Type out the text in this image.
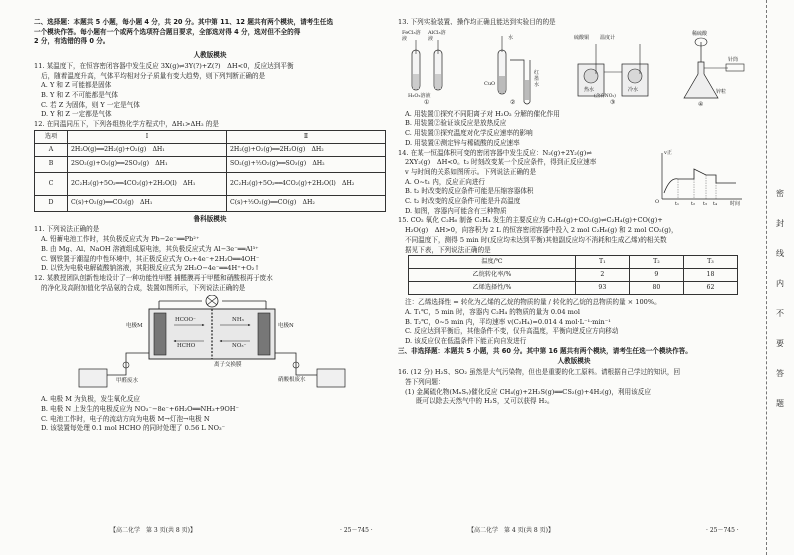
二、选择题：本题共 5 小题，每小题 4 分，共 20 分。其中第 11、12 题共有两个模块，请考生任选
一个模块作答。每小题有一个或两个选项符合题目要求，全部选对得 4 分，选对但不全的得
2 分，有选错的得 0 分。
人教版模块
11. 某温度下，在恒容密闭容器中发生反应 3X(g)⇌3Y(?)+Z(?)　ΔH<0，反应达到平衡
后，随着温度升高，气体平均相对分子质量有变大趋势，则下列判断正确的是
A. Y 和 Z 可能都是固体
B. Y 和 Z 不可能都是气体
C. 若 Z 为固体，则 Y 一定是气体
D. Y 和 Z 一定都是气体
12. 在同温同压下，下列各组热化学方程式中，ΔH₁>ΔH₂ 的是
选项	Ⅰ	Ⅱ
A	2H₂O(g)══2H₂(g)+O₂(g)　ΔH₁	2H₂(g)+O₂(g)══2H₂O(g)　ΔH₂
B	2SO₂(g)+O₂(g)══2SO₃(g)　ΔH₁	SO₂(g)+½O₂(g)══SO₃(g)　ΔH₂
C	2C₂H₂(g)+5O₂══4CO₂(g)+2H₂O(l)　ΔH₁	2C₂H₂(g)+5O₂══4CO₂(g)+2H₂O(l)　ΔH₂
D	C(s)+O₂(g)══CO₂(g)　ΔH₁	C(s)+½O₂(g)══CO(g)　ΔH₂
鲁科版模块
11. 下列说法正确的是
A. 铅蓄电池工作时，其负极反应式为 Pb−2e⁻══Pb²⁺
B. 由 Mg、Al、NaOH 溶液组成原电池，其负极反应式为 Al−3e⁻══Al³⁺
C. 钢铁置于潮湿的中性环境中，其正极反应式为 O₂+4e⁻+2H₂O══4OH⁻
D. 以铁为电极电解硫酸钠溶液，其阳极反应式为 2H₂O−4e⁻══4H⁺+O₂↑
12. 某教授团队创新性地设计了一种功能性甲醛 捕醛膜再于甲醛和硝酸根再于废水
的净化及高附加值化学品氨的合成，装置如图所示，下列说法正确的是
电极M
HCOO⁻
HCHO
NH₃
NO₃⁻
电极N
离子交换膜
甲醛废水	硝酸根废水
A. 电极 M 为负极，发生氧化反应
B. 电极 N 上发生的电极反应为 NO₃⁻−8e⁻+6H₂O══NH₃+9OH⁻
C. 电池工作时，电子的流动方向为电极 M→灯泡→电极 N
D. 该装置每处理 0.1 mol HCHO 的同时处理了 0.56 L NO₃⁻
【高二化学　第 3 页(共 8 页)】	· 25－745 ·
13. 下列实验装置、操作均正确且能达到实验目的的是
FeCl₃溶液
AlCl₃溶液
H₂O₂溶液
水
CuO
红墨水
温度计
硫酸铜
热水	冷水
稀硫酸
锌粒
针筒
①	②	③	④
(含有NO₂)
A. 用装置①探究不同阳离子对 H₂O₂ 分解的催化作用
B. 用装置②验证该反应是放热反应
C. 用装置③探究温度对化学反应速率的影响
D. 用装置④测定锌与稀硫酸的反应速率
14. 在某一恒温体积可变的密闭容器中发生反应：N₂(g)+2Y₂(g)⇌
2XY₂(g)　ΔH<0。t₂ 时刻改变某一个反应条件，得到正反应速率
v 与时间的关系如图所示。下列说法正确的是
A. O~t₁ 内，反应正向进行
B. t₂ 时改变的反应条件可能是压缩容器体积
C. t₂ 时改变的反应条件可能是升高温度
D. 如图，容器内可能含有三种物质
v正
O	t₁ t₂ t₃ t₄	时间
15. CO₂ 氧化 C₂H₆ 制备 C₂H₄ 发生的主要反应为 C₂H₆(g)+CO₂(g)⇌C₂H₄(g)+CO(g)+
H₂O(g)　ΔH>0，向容积为 2 L 的恒容密闭容器中投入 2 mol C₂H₆(g) 和 2 mol CO₂(g)，
不同温度下，测得 5 min 时(反应均未达到平衡)其他副反应均不消耗和生成乙烯)的相关数
据见下表，下列说法正确的是
温度/℃	T₁	T₂	T₃
乙烷转化率/%	2	9	18
乙烯选择性/%	93	80	62
注：乙烯选择性 = 转化为乙烯的乙烷的物质的量 / 转化的乙烷的总物质的量 × 100%。
A. T₁℃，5 min 时，容器内 C₂H₄ 的物质的量为 0.04 mol
B. T₂℃，0~5 min 内，平均速率 v(C₂H₄)=0.014 4 mol·L⁻¹·min⁻¹
C. 反应达到平衡后，其他条件不变，仅升高温度，平衡向逆反应方向移动
D. 该反应仅在低温条件下能正向自发进行
三、非选择题：本题共 5 小题，共 60 分。其中第 16 题共有两个模块，请考生任选一个模块作答。
人教版模块
16. (12 分) H₂S、SO₂ 虽然是大气污染物，但也是重要的化工原料。请根据自己学过的知识，回
答下列问题：
(1) 金属硫化物(MₓSᵧ)催化反应 CH₄(g)+2H₂S(g)══CS₂(g)+4H₂(g)，利用该反应
既可以除去天然气中的 H₂S，又可以获得 H₂。
【高二化学　第 4 页(共 8 页)】	· 25－745 ·
密
封
线
内
不
要
答
题
